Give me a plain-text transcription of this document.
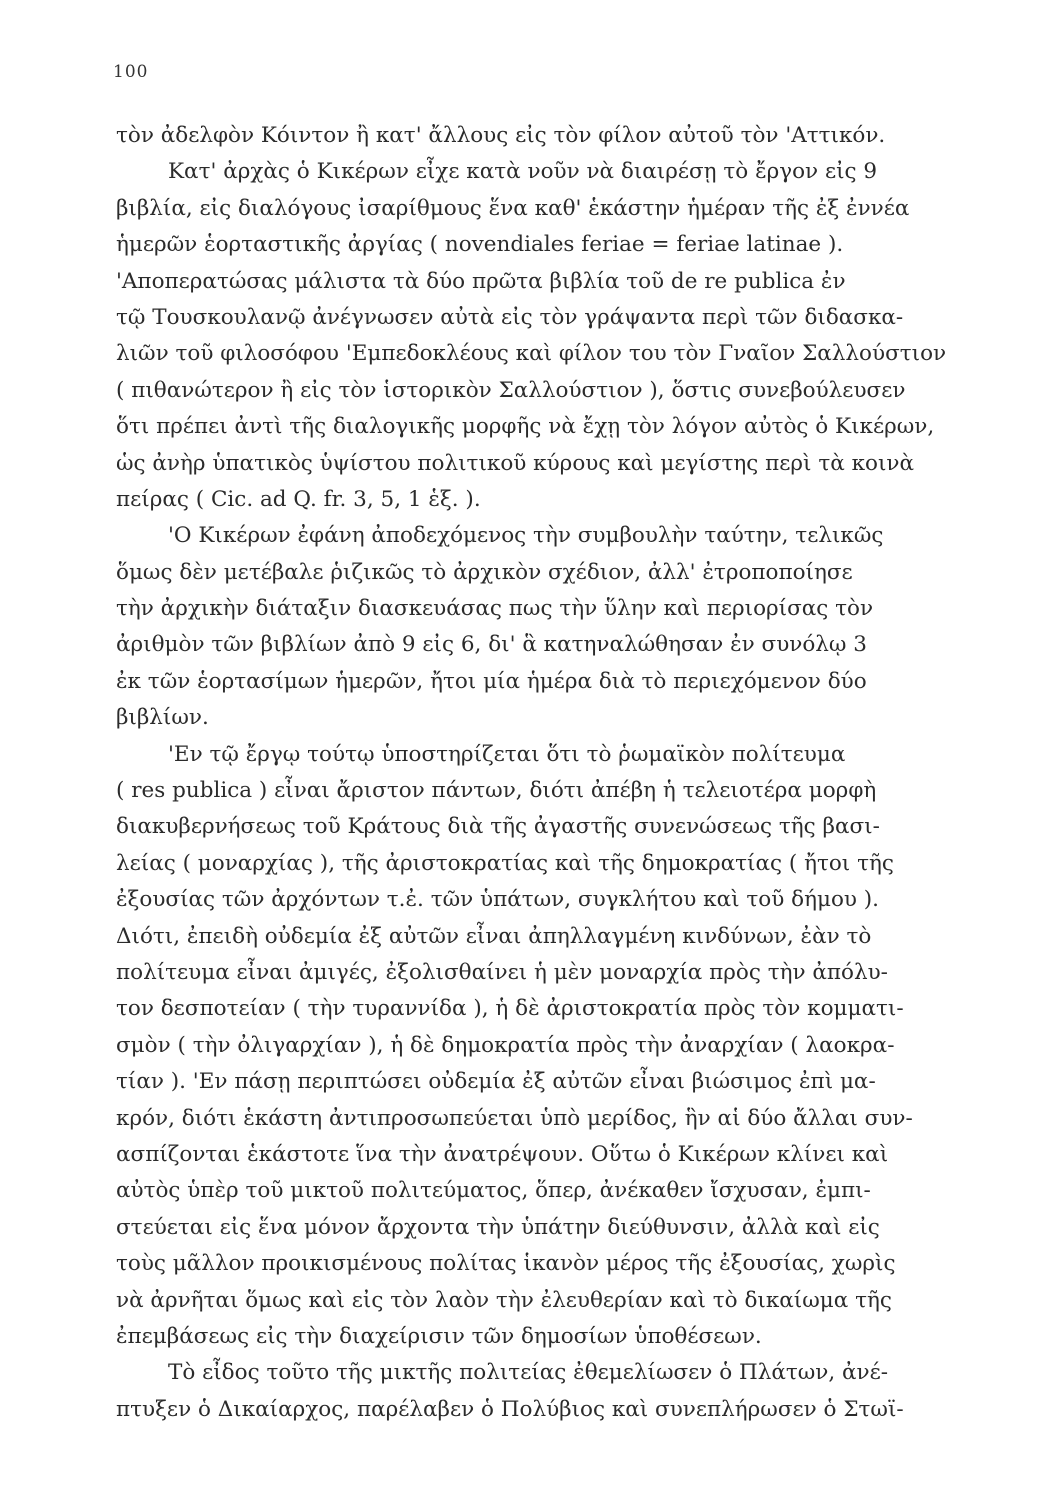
100
τὸν ἀδελφὸν Κόιντον ἢ κατ' ἄλλους εἰς τὸν φίλον αὐτοῦ τὸν 'Αττικόν.
Κατ' ἀρχὰς ὁ Κικέρων εἶχε κατὰ νοῦν νὰ διαιρέσῃ τὸ ἔργον εἰς 9
βιβλία, εἰς διαλόγους ἰσαρίθμους ἕνα καθ' ἑκάστην ἡμέραν τῆς ἐξ ἐννέα
ἡμερῶν ἑορταστικῆς ἀργίας ( novendiales feriae = feriae latinae ).
'Αποπερατώσας μάλιστα τὰ δύο πρῶτα βιβλία τοῦ de re publica ἐν
τῷ Τουσκουλανῷ ἀνέγνωσεν αὐτὰ εἰς τὸν γράψαντα περὶ τῶν διδασκα-
λιῶν τοῦ φιλοσόφου 'Εμπεδοκλέους καὶ φίλον του τὸν Γναῖον Σαλλούστιον
( πιθανώτερον ἢ εἰς τὸν ἱστορικὸν Σαλλούστιον ), ὅστις συνεβούλευσεν
ὅτι πρέπει ἀντὶ τῆς διαλογικῆς μορφῆς νὰ ἔχῃ τὸν λόγον αὐτὸς ὁ Κικέρων,
ὡς ἀνὴρ ὑπατικὸς ὑψίστου πολιτικοῦ κύρους καὶ μεγίστης περὶ τὰ κοινὰ
πείρας ( Cic. ad Q. fr. 3, 5, 1 ἑξ. ).
'Ο Κικέρων ἐφάνη ἀποδεχόμενος τὴν συμβουλὴν ταύτην, τελικῶς
ὅμως δὲν μετέβαλε ῥιζικῶς τὸ ἀρχικὸν σχέδιον, ἀλλ' ἐτροποποίησε
τὴν ἀρχικὴν διάταξιν διασκευάσας πως τὴν ὕλην καὶ περιορίσας τὸν
ἀριθμὸν τῶν βιβλίων ἀπὸ 9 εἰς 6, δι' ἃ κατηναλώθησαν ἐν συνόλῳ 3
ἐκ τῶν ἑορτασίμων ἡμερῶν, ἤτοι μία ἡμέρα διὰ τὸ περιεχόμενον δύο
βιβλίων.
'Εν τῷ ἔργῳ τούτῳ ὑποστηρίζεται ὅτι τὸ ῥωμαϊκὸν πολίτευμα
( res publica ) εἶναι ἄριστον πάντων, διότι ἀπέβη ἡ τελειοτέρα μορφὴ
διακυβερνήσεως τοῦ Κράτους διὰ τῆς ἀγαστῆς συνενώσεως τῆς βασι-
λείας ( μοναρχίας ), τῆς ἀριστοκρατίας καὶ τῆς δημοκρατίας ( ἤτοι τῆς
ἐξουσίας τῶν ἀρχόντων τ.ἐ. τῶν ὑπάτων, συγκλήτου καὶ τοῦ δήμου ).
Διότι, ἐπειδὴ οὐδεμία ἐξ αὐτῶν εἶναι ἀπηλλαγμένη κινδύνων, ἐὰν τὸ
πολίτευμα εἶναι ἀμιγές, ἐξολισθαίνει ἡ μὲν μοναρχία πρὸς τὴν ἀπόλυ-
τον δεσποτείαν ( τὴν τυραννίδα ), ἡ δὲ ἀριστοκρατία πρὸς τὸν κομματι-
σμὸν ( τὴν ὀλιγαρχίαν ), ἡ δὲ δημοκρατία πρὸς τὴν ἀναρχίαν ( λαοκρα-
τίαν ). 'Εν πάσῃ περιπτώσει οὐδεμία ἐξ αὐτῶν εἶναι βιώσιμος ἐπὶ μα-
κρόν, διότι ἑκάστη ἀντιπροσωπεύεται ὑπὸ μερίδος, ἣν αἱ δύο ἄλλαι συν-
ασπίζονται ἑκάστοτε ἵνα τὴν ἀνατρέψουν. Οὕτω ὁ Κικέρων κλίνει καὶ
αὐτὸς ὑπὲρ τοῦ μικτοῦ πολιτεύματος, ὅπερ, ἀνέκαθεν ἴσχυσαν, ἐμπι-
στεύεται εἰς ἕνα μόνον ἄρχοντα τὴν ὑπάτην διεύθυνσιν, ἀλλὰ καὶ εἰς
τοὺς μᾶλλον προικισμένους πολίτας ἱκανὸν μέρος τῆς ἐξουσίας, χωρὶς
νὰ ἀρνῆται ὅμως καὶ εἰς τὸν λαὸν τὴν ἐλευθερίαν καὶ τὸ δικαίωμα τῆς
ἐπεμβάσεως εἰς τὴν διαχείρισιν τῶν δημοσίων ὑποθέσεων.
Τὸ εἶδος τοῦτο τῆς μικτῆς πολιτείας ἐθεμελίωσεν ὁ Πλάτων, ἀνέ-
πτυξεν ὁ Δικαίαρχος, παρέλαβεν ὁ Πολύβιος καὶ συνεπλήρωσεν ὁ Στωϊ-
